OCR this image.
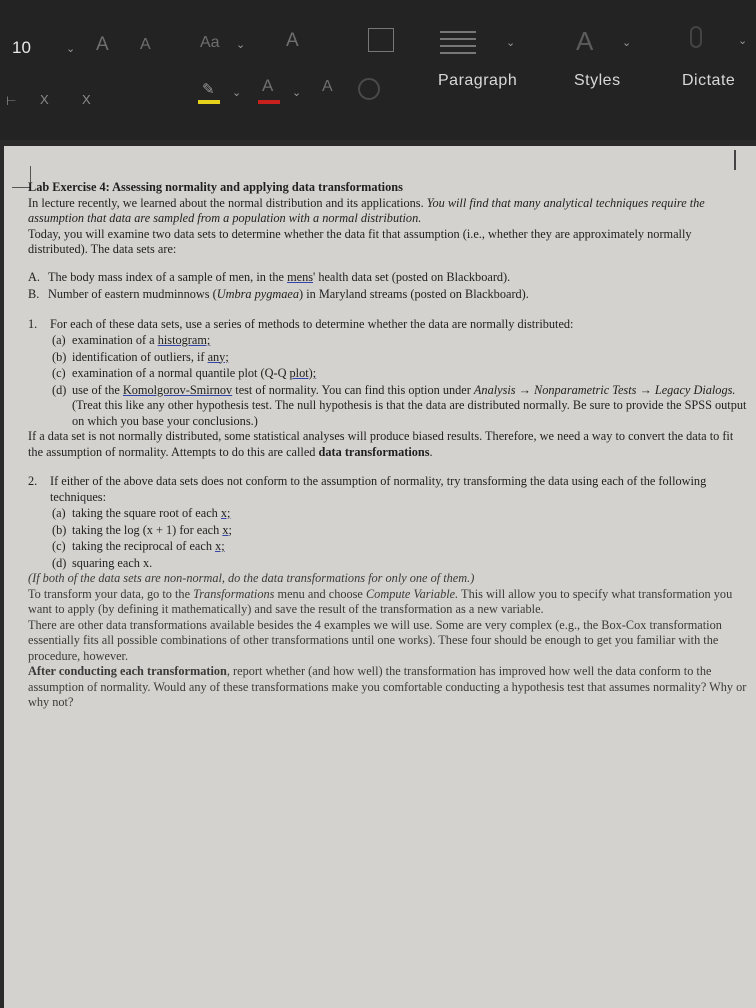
10	⌄ A A	Aa ⌄ A	⌄ A	⌄	⌄
⊢ X	X
✎ ⌄ A ⌄ A	Paragraph	Styles	Dictate

Lab Exercise 4: Assessing normality and applying data transformations

In lecture recently, we learned about the normal distribution and its applications. You will find that many analytical techniques require the assumption that data are sampled from a population with a normal distribution.

Today, you will examine two data sets to determine whether the data fit that assumption (i.e., whether they are approximately normally distributed). The data sets are:

A. The body mass index of a sample of men, in the mens' health data set (posted on Blackboard).
B. Number of eastern mudminnows (Umbra pygmaea) in Maryland streams (posted on Blackboard).
1.	For each of these data sets, use a series of methods to determine whether the data are normally distributed:

(a) examination of a histogram;
(b) identification of outliers, if any;
(c) examination of a normal quantile plot (Q-Q plot);
(d) use of the Komolgorov-Smirnov test of normality. You can find this option under Analysis → Nonparametric Tests → Legacy Dialogs. (Treat this like any other hypothesis test. The null hypothesis is that the data are distributed normally. Be sure to provide the SPSS output on which you base your conclusions.)

If a data set is not normally distributed, some statistical analyses will produce biased results. Therefore, we need a way to convert the data to fit the assumption of normality. Attempts to do this are called data transformations.

2.	If either of the above data sets does not conform to the assumption of normality, try transforming the data using each of the following techniques:

(a) taking the square root of each x;
(b) taking the log (x + 1) for each x;
(c) taking the reciprocal of each x;
(d) squaring each x.

(If both of the data sets are non-normal, do the data transformations for only one of them.)

To transform your data, go to the Transformations menu and choose Compute Variable. This will allow you to specify what transformation you want to apply (by defining it mathematically) and save the result of the transformation as a new variable.

There are other data transformations available besides the 4 examples we will use. Some are very complex (e.g., the Box-Cox transformation essentially fits all possible combinations of other transformations until one works). These four should be enough to get you familiar with the procedure, however.

After conducting each transformation, report whether (and how well) the transformation has improved how well the data conform to the assumption of normality. Would any of these transformations make you comfortable conducting a hypothesis test that assumes normality? Why or why not?
